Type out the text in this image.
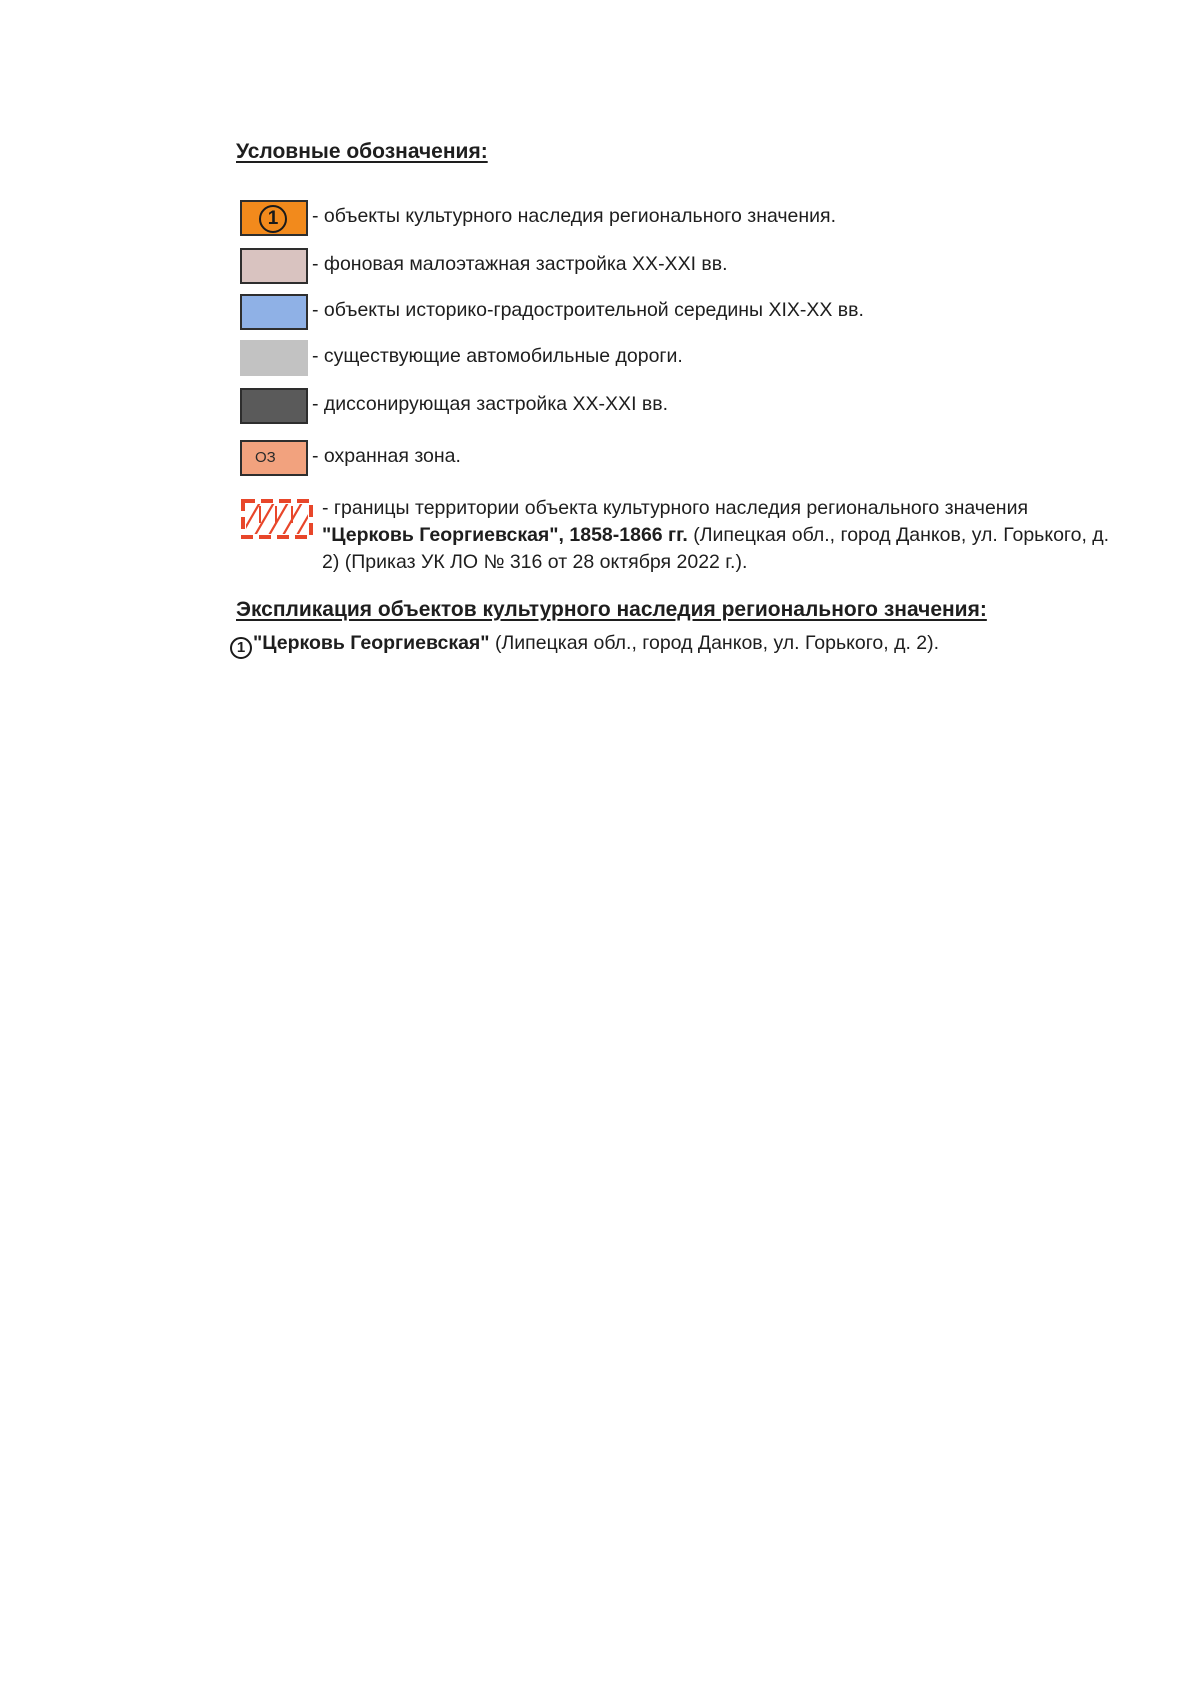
Условные обозначения:
1	- объекты культурного наследия регионального значения.
- фоновая малоэтажная застройка XX-XXI вв.
- объекты историко-градостроительной середины XIX-XX вв.
- существующие автомобильные дороги.
- диссонирующая застройка XX-XXI вв.
ОЗ - охранная зона.
- границы территории объекта культурного наследия регионального значения "Церковь Георгиевская", 1858-1866 гг. (Липецкая обл., город Данков, ул. Горького, д. 2) (Приказ УК ЛО № 316 от 28 октября 2022 г.).
Экспликация объектов культурного наследия регионального значения:
1 "Церковь Георгиевская" (Липецкая обл., город Данков, ул. Горького, д. 2).
